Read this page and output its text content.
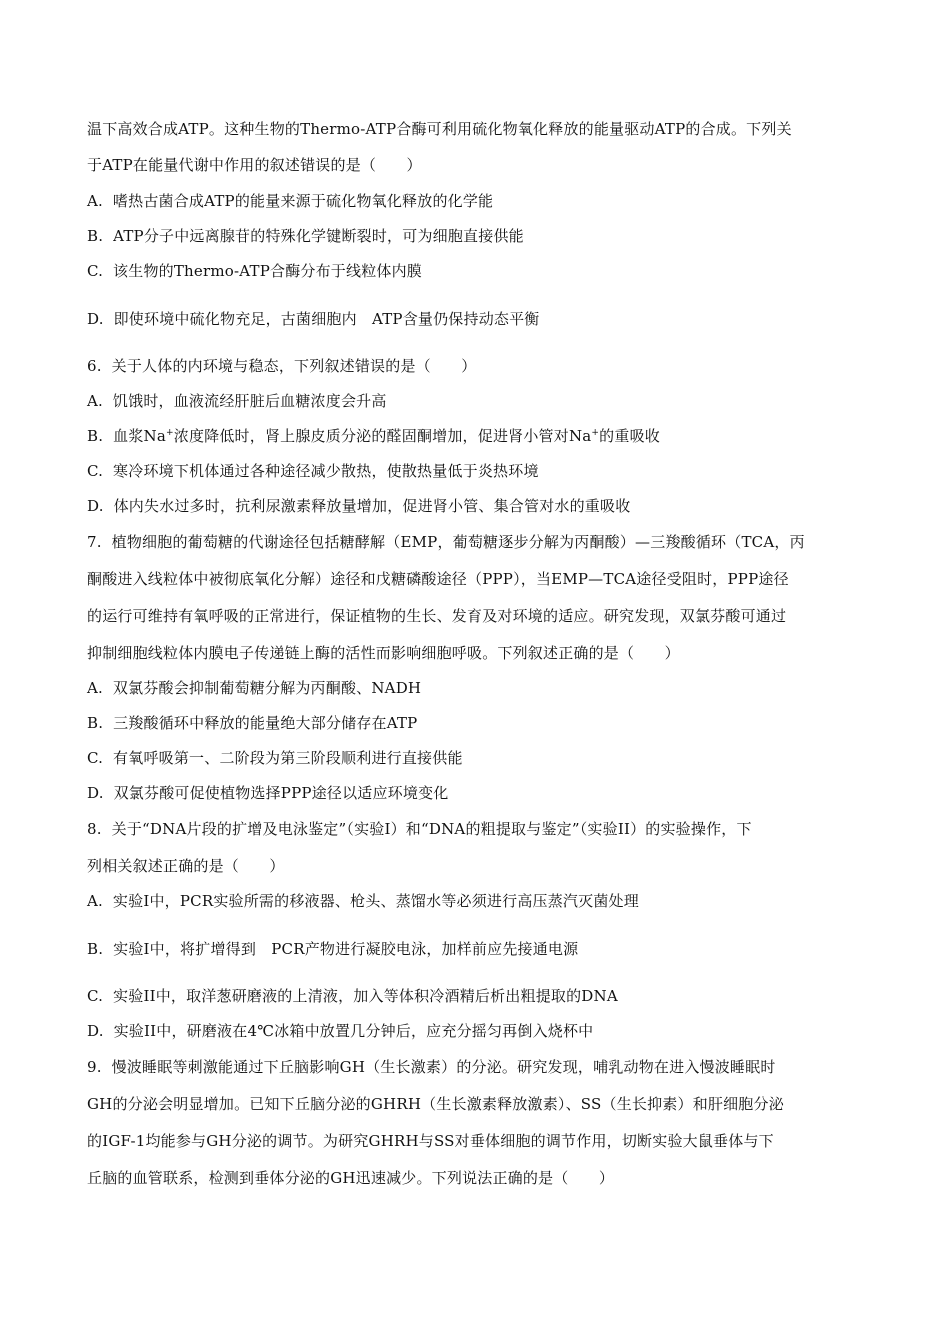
温下高效合成ATP。这种生物的Thermo-ATP合酶可利用硫化物氧化释放的能量驱动ATP的合成。下列关
于ATP在能量代谢中作用的叙述错误的是（　　）
A.  嗜热古菌合成ATP的能量来源于硫化物氧化释放的化学能
B.  ATP分子中远离腺苷的特殊化学键断裂时，可为细胞直接供能
C.  该生物的Thermo-ATP合酶分布于线粒体内膜
D.  即使环境中硫化物充足，古菌细胞内　ATP含量仍保持动态平衡
6.  关于人体的内环境与稳态，下列叙述错误的是（　　）
A.  饥饿时，血液流经肝脏后血糖浓度会升高
B.  血浆Na+浓度降低时，肾上腺皮质分泌的醛固酮增加，促进肾小管对Na+的重吸收
C.  寒冷环境下机体通过各种途径减少散热，使散热量低于炎热环境
D.  体内失水过多时，抗利尿激素释放量增加，促进肾小管、集合管对水的重吸收
7.  植物细胞的葡萄糖的代谢途径包括糖酵解（EMP，葡萄糖逐步分解为丙酮酸）—三羧酸循环（TCA，丙
酮酸进入线粒体中被彻底氧化分解）途径和戊糖磷酸途径（PPP），当EMP—TCA途径受阻时，PPP途径
的运行可维持有氧呼吸的正常进行，保证植物的生长、发育及对环境的适应。研究发现，双氯芬酸可通过
抑制细胞线粒体内膜电子传递链上酶的活性而影响细胞呼吸。下列叙述正确的是（　　）
A.  双氯芬酸会抑制葡萄糖分解为丙酮酸、NADH
B.  三羧酸循环中释放的能量绝大部分储存在ATP
C.  有氧呼吸第一、二阶段为第三阶段顺利进行直接供能
D.  双氯芬酸可促使植物选择PPP途径以适应环境变化
8.  关于“DNA片段的扩增及电泳鉴定”（实验I）和“DNA的粗提取与鉴定”（实验II）的实验操作，下
列相关叙述正确的是（　　）
A.  实验I中，PCR实验所需的移液器、枪头、蒸馏水等必须进行高压蒸汽灭菌处理
B.  实验I中，将扩增得到　PCR产物进行凝胶电泳，加样前应先接通电源
C.  实验II中，取洋葱研磨液的上清液，加入等体积冷酒精后析出粗提取的DNA
D.  实验II中，研磨液在4℃冰箱中放置几分钟后，应充分摇匀再倒入烧杯中
9.  慢波睡眠等刺激能通过下丘脑影响GH（生长激素）的分泌。研究发现，哺乳动物在进入慢波睡眠时
GH的分泌会明显增加。已知下丘脑分泌的GHRH（生长激素释放激素）、SS（生长抑素）和肝细胞分泌
的IGF-1均能参与GH分泌的调节。为研究GHRH与SS对垂体细胞的调节作用，切断实验大鼠垂体与下
丘脑的血管联系，检测到垂体分泌的GH迅速减少。下列说法正确的是（　　）
